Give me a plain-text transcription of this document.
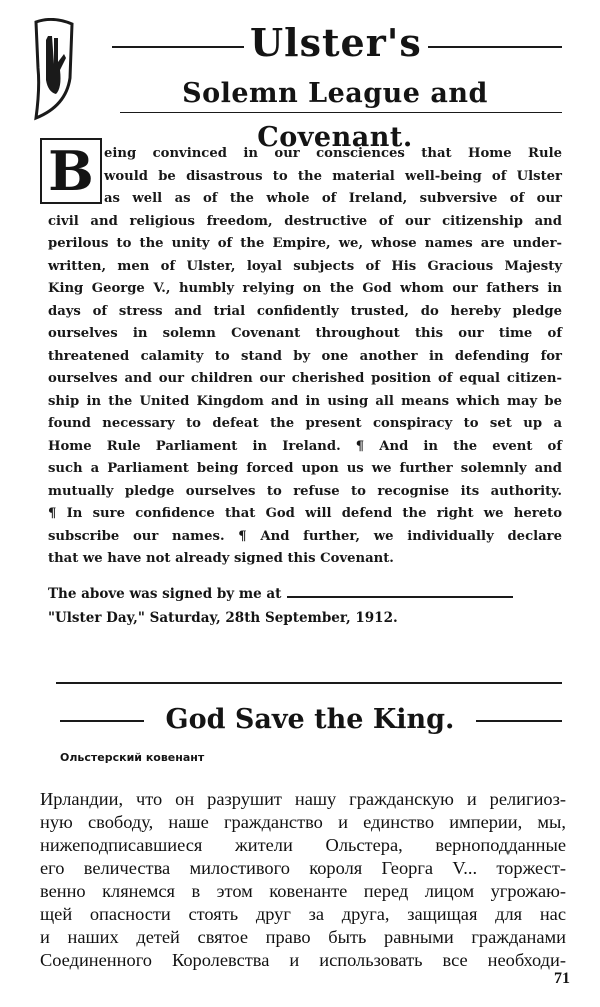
Ulster's
Solemn League and Covenant.
B eing convinced in our consciences that Home Rule
would be disastrous to the material well-being of Ulster
as well as of the whole of Ireland, subversive of our
civil and religious freedom, destructive of our citizenship and
perilous to the unity of the Empire, we, whose names are under-
written, men of Ulster, loyal subjects of His Gracious Majesty
King George V., humbly relying on the God whom our fathers in
days of stress and trial confidently trusted, do hereby pledge
ourselves in solemn Covenant throughout this our time of
threatened calamity to stand by one another in defending for
ourselves and our children our cherished position of equal citizen-
ship in the United Kingdom and in using all means which may be
found necessary to defeat the present conspiracy to set up a
Home Rule Parliament in Ireland. ¶ And in the event of
such a Parliament being forced upon us we further solemnly and
mutually pledge ourselves to refuse to recognise its authority.
¶ In sure confidence that God will defend the right we hereto
subscribe our names. ¶ And further, we individually declare
that we have not already signed this Covenant.
The above was signed by me at
"Ulster Day," Saturday, 28th September, 1912.
God Save the King.
Ольстерский ковенант
Ирландии, что он разрушит нашу гражданскую и религиоз-
ную свободу, наше гражданство и единство империи, мы,
нижеподписавшиеся жители Ольстера, верноподданные
его величества милостивого короля Георга V... торжест-
венно клянемся в этом ковенанте перед лицом угрожаю-
щей опасности стоять друг за друга, защищая для нас
и наших детей святое право быть равными гражданами
Соединенного Королевства и использовать все необходи-
71
